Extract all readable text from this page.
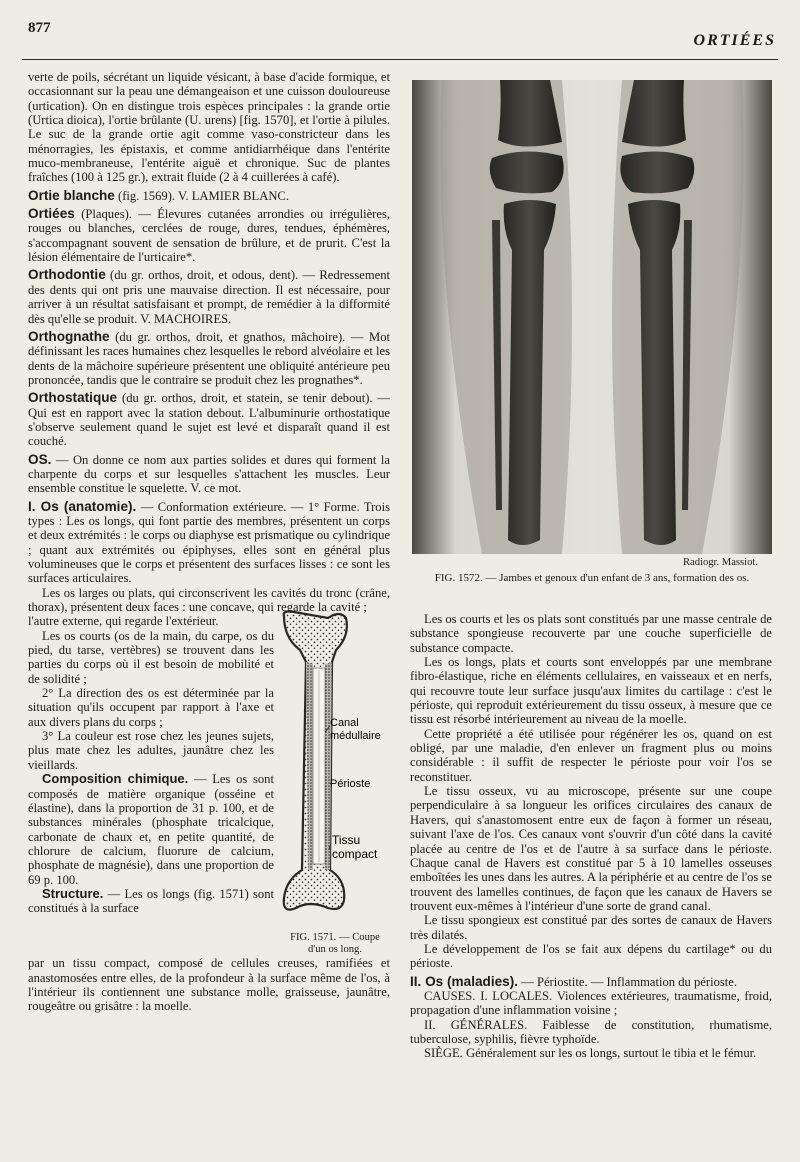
877
ORTIÉES

verte de poils, sécrétant un liquide vésicant, à base d'acide formique, et occasionnant sur la peau une démangeaison et une cuisson douloureuse (urtication). On en distingue trois espèces principales : la grande ortie (Urtica dioica), l'ortie brûlante (U. urens) [fig. 1570], et l'ortie à pilules. Le suc de la grande ortie agit comme vaso-constricteur dans les ménorragies, les épistaxis, et comme antidiarrhéique dans l'entérite muco-membraneuse, l'entérite aiguë et chronique. Suc de plantes fraîches (100 à 125 gr.), extrait fluide (2 à 4 cuillerées à café).

Ortie blanche (fig. 1569). V. LAMIER BLANC.

Ortiées (Plaques). — Élevures cutanées arrondies ou irrégulières, rouges ou blanches, cerclées de rouge, dures, tendues, éphémères, s'accompagnant souvent de sensation de brûlure, et de prurit. C'est la lésion élémentaire de l'urticaire*.

Orthodontie (du gr. orthos, droit, et odous, dent). — Redressement des dents qui ont pris une mauvaise direction. Il est nécessaire, pour arriver à un résultat satisfaisant et prompt, de remédier à la difformité dès qu'elle se produit. V. MACHOIRES.

Orthognathe (du gr. orthos, droit, et gnathos, mâchoire). — Mot définissant les races humaines chez lesquelles le rebord alvéolaire et les dents de la mâchoire supérieure présentent une obliquité antérieure peu prononcée, tandis que le contraire se produit chez les prognathes*.

Orthostatique (du gr. orthos, droit, et statein, se tenir debout). — Qui est en rapport avec la station debout. L'albuminurie orthostatique s'observe seulement quand le sujet est levé et disparaît quand il est couché.

OS. — On donne ce nom aux parties solides et dures qui forment la charpente du corps et sur lesquelles s'attachent les muscles. Leur ensemble constitue le squelette. V. ce mot.

I. Os (anatomie). — Conformation extérieure. — 1° Forme. Trois types : Les os longs, qui font partie des membres, présentent un corps et deux extrémités : le corps ou diaphyse est prismatique ou cylindrique ; quant aux extrémités ou épiphyses, elles sont en général plus volumineuses que le corps et présentent des surfaces lisses : ce sont les surfaces articulaires.

Les os larges ou plats, qui circonscrivent les cavités du tronc (crâne, thorax), présentent deux faces : une concave, qui regarde la cavité ;

l'autre externe, qui regarde l'extérieur.

Les os courts (os de la main, du carpe, os du pied, du tarse, vertèbres) se trouvent dans les parties du corps où il est besoin de mobilité et de solidité ;

2° La direction des os est déterminée par la situation qu'ils occupent par rapport à l'axe et aux divers plans du corps ;

3° La couleur est rose chez les jeunes sujets, plus mate chez les adultes, jaunâtre chez les vieillards.

Composition chimique. — Les os sont composés de matière organique (osséine et élastine), dans la proportion de 31 p. 100, et de substances minérales (phosphate tricalcique, carbonate de chaux et, en petite quantité, de chlorure de calcium, fluorure de calcium, phosphate de magnésie), dans une proportion de 69 p. 100.

Structure. — Les os longs (fig. 1571) sont constitués à la surface

Canal
médullaire
Périoste
Tissu
compact
FIG. 1571. — Coupe d'un os long.

par un tissu compact, composé de cellules creuses, ramifiées et anastomosées entre elles, de la profondeur à la surface même de l'os, à l'intérieur ils contiennent une substance molle, graisseuse, jaunâtre, rougeâtre ou grisâtre : la moelle.

Radiogr. Massiot.
FIG. 1572. — Jambes et genoux d'un enfant de 3 ans, formation des os.

Les os courts et les os plats sont constitués par une masse centrale de substance spongieuse recouverte par une couche superficielle de substance compacte.

Les os longs, plats et courts sont enveloppés par une membrane fibro-élastique, riche en éléments cellulaires, en vaisseaux et en nerfs, qui recouvre toute leur surface jusqu'aux limites du cartilage : c'est le périoste, qui reproduit extérieurement du tissu osseux, à mesure que ce tissu est résorbé intérieurement au niveau de la moelle.

Cette propriété a été utilisée pour régénérer les os, quand on est obligé, par une maladie, d'en enlever un fragment plus ou moins considérable : il suffit de respecter le périoste pour voir l'os se reconstituer.

Le tissu osseux, vu au microscope, présente sur une coupe perpendiculaire à sa longueur les orifices circulaires des canaux de Havers, qui s'anastomosent entre eux de façon à former un réseau, suivant l'axe de l'os. Ces canaux vont s'ouvrir d'un côté dans la cavité placée au centre de l'os et de l'autre à sa surface dans le périoste. Chaque canal de Havers est constitué par 5 à 10 lamelles osseuses emboîtées les unes dans les autres. A la périphérie et au centre de l'os se trouvent des lamelles continues, de façon que les canaux de Havers se trouvent eux-mêmes à l'intérieur d'une sorte de grand canal.

Le tissu spongieux est constitué par des sortes de canaux de Havers très dilatés.

Le développement de l'os se fait aux dépens du cartilage* ou du périoste.

II. Os (maladies). — Périostite. — Inflammation du périoste.

CAUSES. I. LOCALES. Violences extérieures, traumatisme, froid, propagation d'une inflammation voisine ;

II. GÉNÉRALES. Faiblesse de constitution, rhumatisme, tuberculose, syphilis, fièvre typhoïde.

SIÈGE. Généralement sur les os longs, surtout le tibia et le fémur.
